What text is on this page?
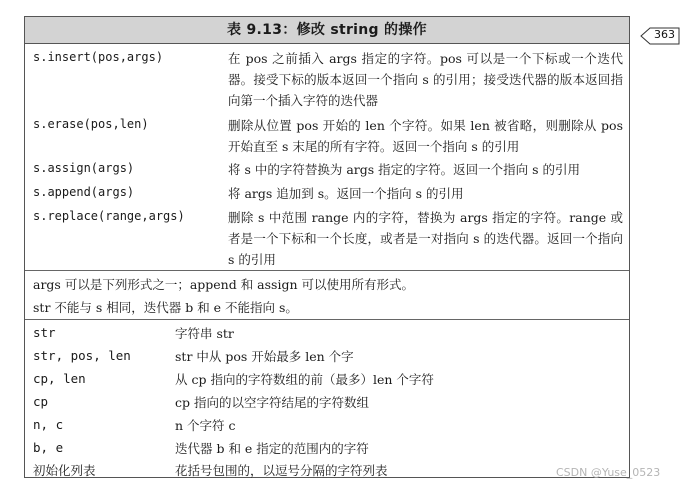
363
表 9.13：修改 string 的操作
s.insert(pos,args)	在 pos 之前插入 args 指定的字符。pos 可以是一个下标或一个迭代器。接受下标的版本返回一个指向 s 的引用；接受迭代器的版本返回指向第一个插入字符的迭代器
s.erase(pos,len)	删除从位置 pos 开始的 len 个字符。如果 len 被省略，则删除从 pos 开始直至 s 末尾的所有字符。返回一个指向 s 的引用
s.assign(args)	将 s 中的字符替换为 args 指定的字符。返回一个指向 s 的引用
s.append(args)	将 args 追加到 s。返回一个指向 s 的引用
s.replace(range,args)	删除 s 中范围 range 内的字符，替换为 args 指定的字符。range 或者是一个下标和一个长度，或者是一对指向 s 的迭代器。返回一个指向 s 的引用
args 可以是下列形式之一；append 和 assign 可以使用所有形式。
str 不能与 s 相同，迭代器 b 和 e 不能指向 s。
str	字符串 str
str, pos, len	str 中从 pos 开始最多 len 个字
cp, len	从 cp 指向的字符数组的前（最多）len 个字符
cp	cp 指向的以空字符结尾的字符数组
n, c	n 个字符 c
b, e	迭代器 b 和 e 指定的范围内的字符
初始化列表	花括号包围的，以逗号分隔的字符列表	CSDN @Yuse_0523
